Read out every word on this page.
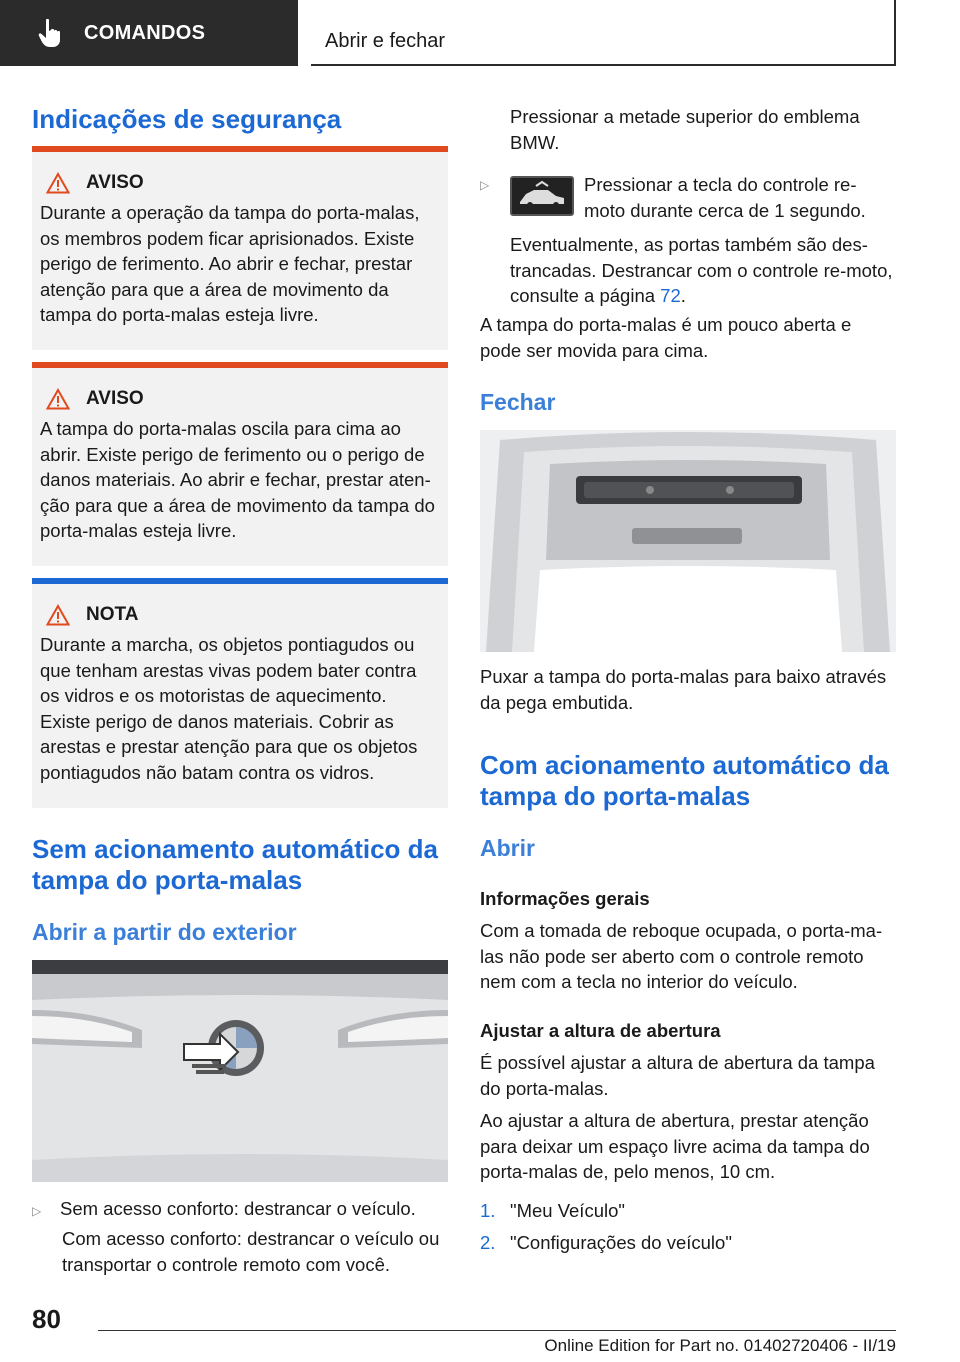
COMANDOS	Abrir e fechar
Indicações de segurança
AVISO

Durante a operação da tampa do porta-malas, os membros podem ficar aprisionados. Existe perigo de ferimento. Ao abrir e fechar, prestar atenção para que a área de movimento da tampa do porta-malas esteja livre.

AVISO

A tampa do porta-malas oscila para cima ao abrir. Existe perigo de ferimento ou o perigo de danos materiais. Ao abrir e fechar, prestar aten-ção para que a área de movimento da tampa do porta-malas esteja livre.

NOTA

Durante a marcha, os objetos pontiagudos ou que tenham arestas vivas podem bater contra os vidros e os motoristas de aquecimento. Existe perigo de danos materiais. Cobrir as arestas e prestar atenção para que os objetos pontiagudos não batam contra os vidros.

Sem acionamento automático da tampa do porta-malas
Abrir a partir do exterior
▷ Sem acesso conforto: destrancar o veículo.

Com acesso conforto: destrancar o veículo ou transportar o controle remoto com você.

Pressionar a metade superior do emblema BMW.

▷	Pressionar a tecla do controle re-moto durante cerca de 1 segundo.

Eventualmente, as portas também são des-trancadas. Destrancar com o controle re-moto, consulte a página 72.

A tampa do porta-malas é um pouco aberta e pode ser movida para cima.

Fechar

Puxar a tampa do porta-malas para baixo através da pega embutida.

Com acionamento automático da tampa do porta-malas
Abrir

Informações gerais

Com a tomada de reboque ocupada, o porta-ma-las não pode ser aberto com o controle remoto nem com a tecla no interior do veículo.

Ajustar a altura de abertura

É possível ajustar a altura de abertura da tampa do porta-malas.

Ao ajustar a altura de abertura, prestar atenção para deixar um espaço livre acima da tampa do porta-malas de, pelo menos, 10 cm.

1. "Meu Veículo"
2. "Configurações do veículo"
80
Online Edition for Part no. 01402720406 - II/19
